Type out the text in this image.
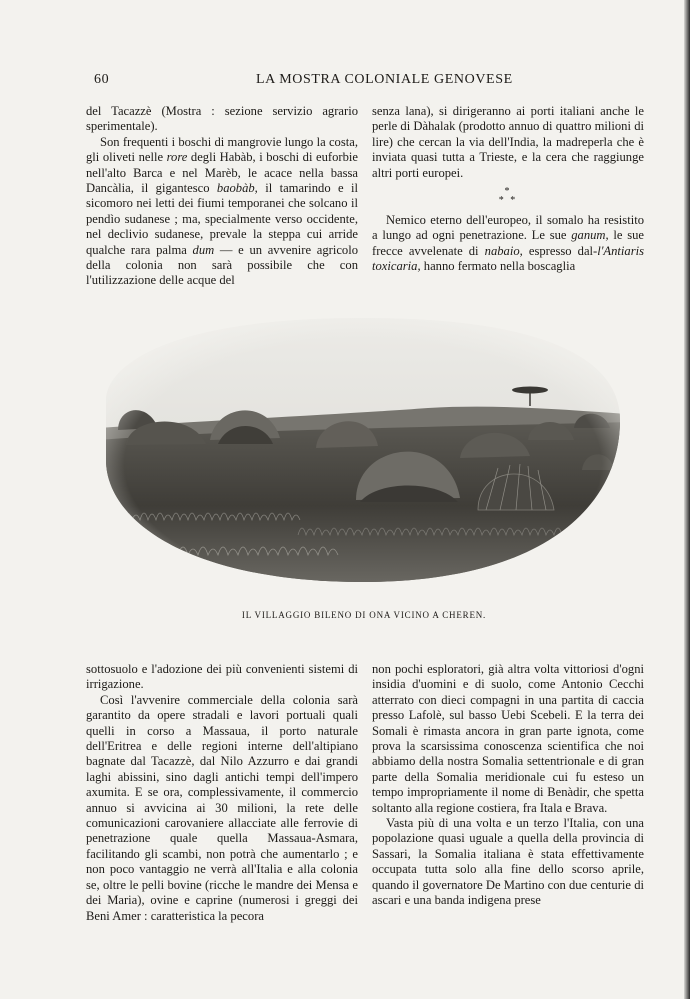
60	LA MOSTRA COLONIALE GENOVESE

del Tacazzè (Mostra : sezione servizio agrario sperimentale).

Son frequenti i boschi di mangrovie lungo la costa, gli oliveti nelle rore degli Habàb, i boschi di euforbie nell'alto Barca e nel Marèb, le acace nella bassa Dancàlia, il gigantesco baobàb, il tamarindo e il sicomoro nei letti dei fiumi temporanei che solcano il pendìo sudanese ; ma, specialmente verso occidente, nel declivio sudanese, prevale la steppa cui arride qualche rara palma dum — e un avvenire agricolo della colonia non sarà possibile che con l'utilizzazione delle acque del

senza lana), si dirigeranno ai porti italiani anche le perle di Dàhalak (prodotto annuo di quattro milioni di lire) che cercan la via dell'India, la madreperla che è inviata quasi tutta a Trieste, e la cera che raggiunge altri porti europei.

*
* *

Nemico eterno dell'europeo, il somalo ha resistito a lungo ad ogni penetrazione. Le sue ganum, le sue frecce avvelenate di nabaio, espresso dal-l'Antiaris toxicaria, hanno fermato nella boscaglia

IL VILLAGGIO BILENO DI ONA VICINO A CHEREN.

sottosuolo e l'adozione dei più convenienti sistemi di irrigazione.

Così l'avvenire commerciale della colonia sarà garantito da opere stradali e lavori portuali quali quelli in corso a Massaua, il porto naturale dell'Eritrea e delle regioni interne dell'altipiano bagnate dal Tacazzè, dal Nilo Azzurro e dai grandi laghi abissini, sino dagli antichi tempi dell'impero axumita. E se ora, complessivamente, il commercio annuo si avvicina ai 30 milioni, la rete delle comunicazioni carovaniere allacciate alle ferrovie di penetrazione quale quella Massaua-Asmara, facilitando gli scambi, non potrà che aumentarlo ; e non poco vantaggio ne verrà all'Italia e alla colonia se, oltre le pelli bovine (ricche le mandre dei Mensa e dei Maria), ovine e caprine (numerosi i greggi dei Beni Amer : caratteristica la pecora

non pochi esploratori, già altra volta vittoriosi d'ogni insidia d'uomini e di suolo, come Antonio Cecchi atterrato con dieci compagni in una partita di caccia presso Lafolè, sul basso Uebi Scebeli. E la terra dei Somali è rimasta ancora in gran parte ignota, come prova la scarsissima conoscenza scientifica che noi abbiamo della nostra Somalia settentrionale e di gran parte della Somalia meridionale cui fu esteso un tempo impropriamente il nome di Benàdir, che spetta soltanto alla regione costiera, fra Itala e Brava.

Vasta più di una volta e un terzo l'Italia, con una popolazione quasi uguale a quella della provincia di Sassari, la Somalia italiana è stata effettivamente occupata tutta solo alla fine dello scorso aprile, quando il governatore De Martino con due centurie di ascari e una banda indigena prese
